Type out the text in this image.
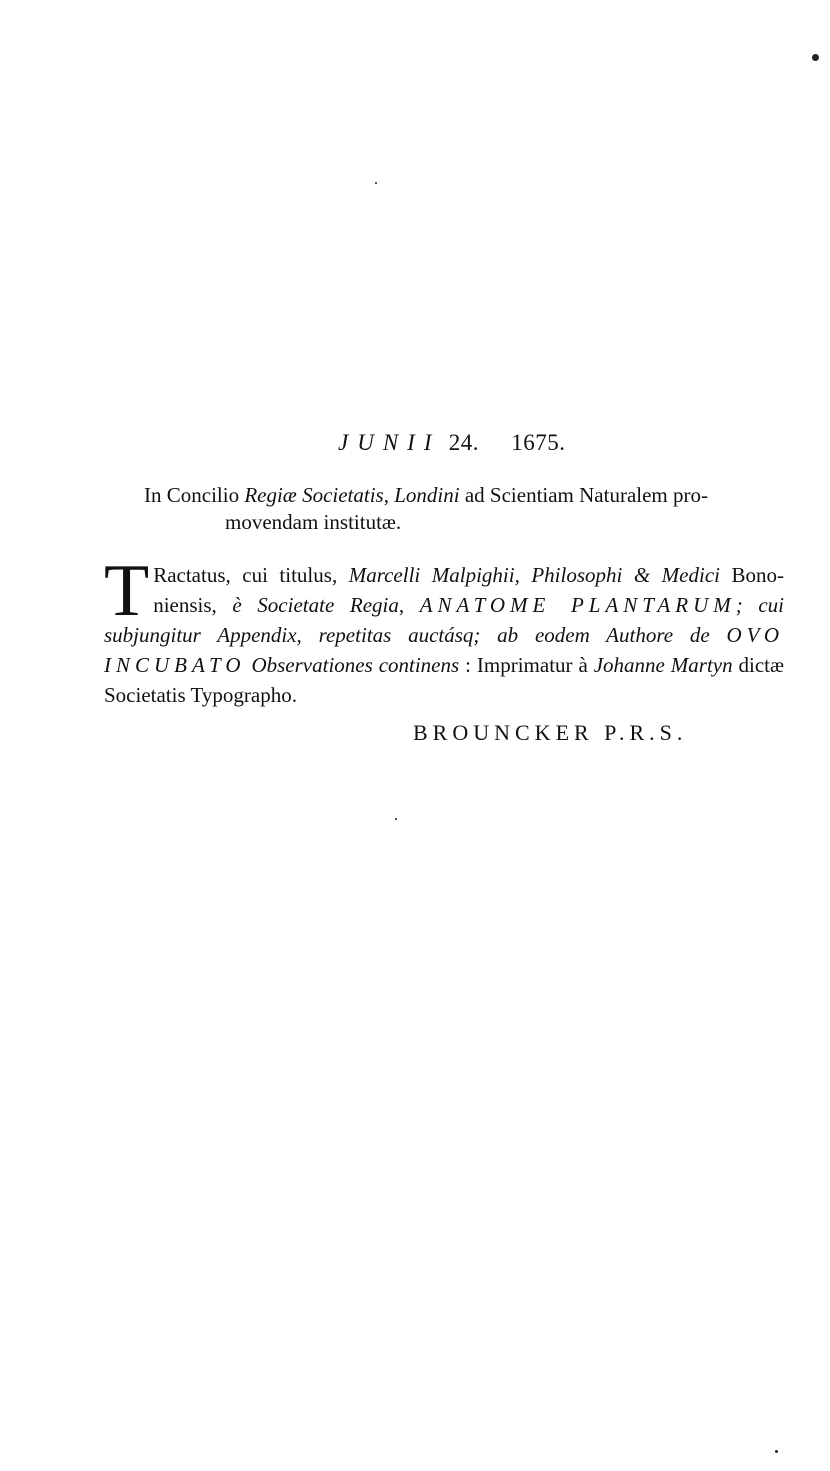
JUNII 24. 1675.
In Concilio Regiæ Societatis, Londini ad Scientiam Naturalem pro-
movendam institutæ.
T Ractatus, cui titulus, Marcelli Malpighii, Philosophi & Medici Bono-niensis, è Societate Regia, ANATOME PLANTARUM; cui subjungitur Appendix, repetitas auctásq; ab eodem Authore de OVO INCUBATO Observationes continens : Imprimatur à Johanne Martyn dictæ Societatis Typographo.
BROUNCKER P.R.S.
